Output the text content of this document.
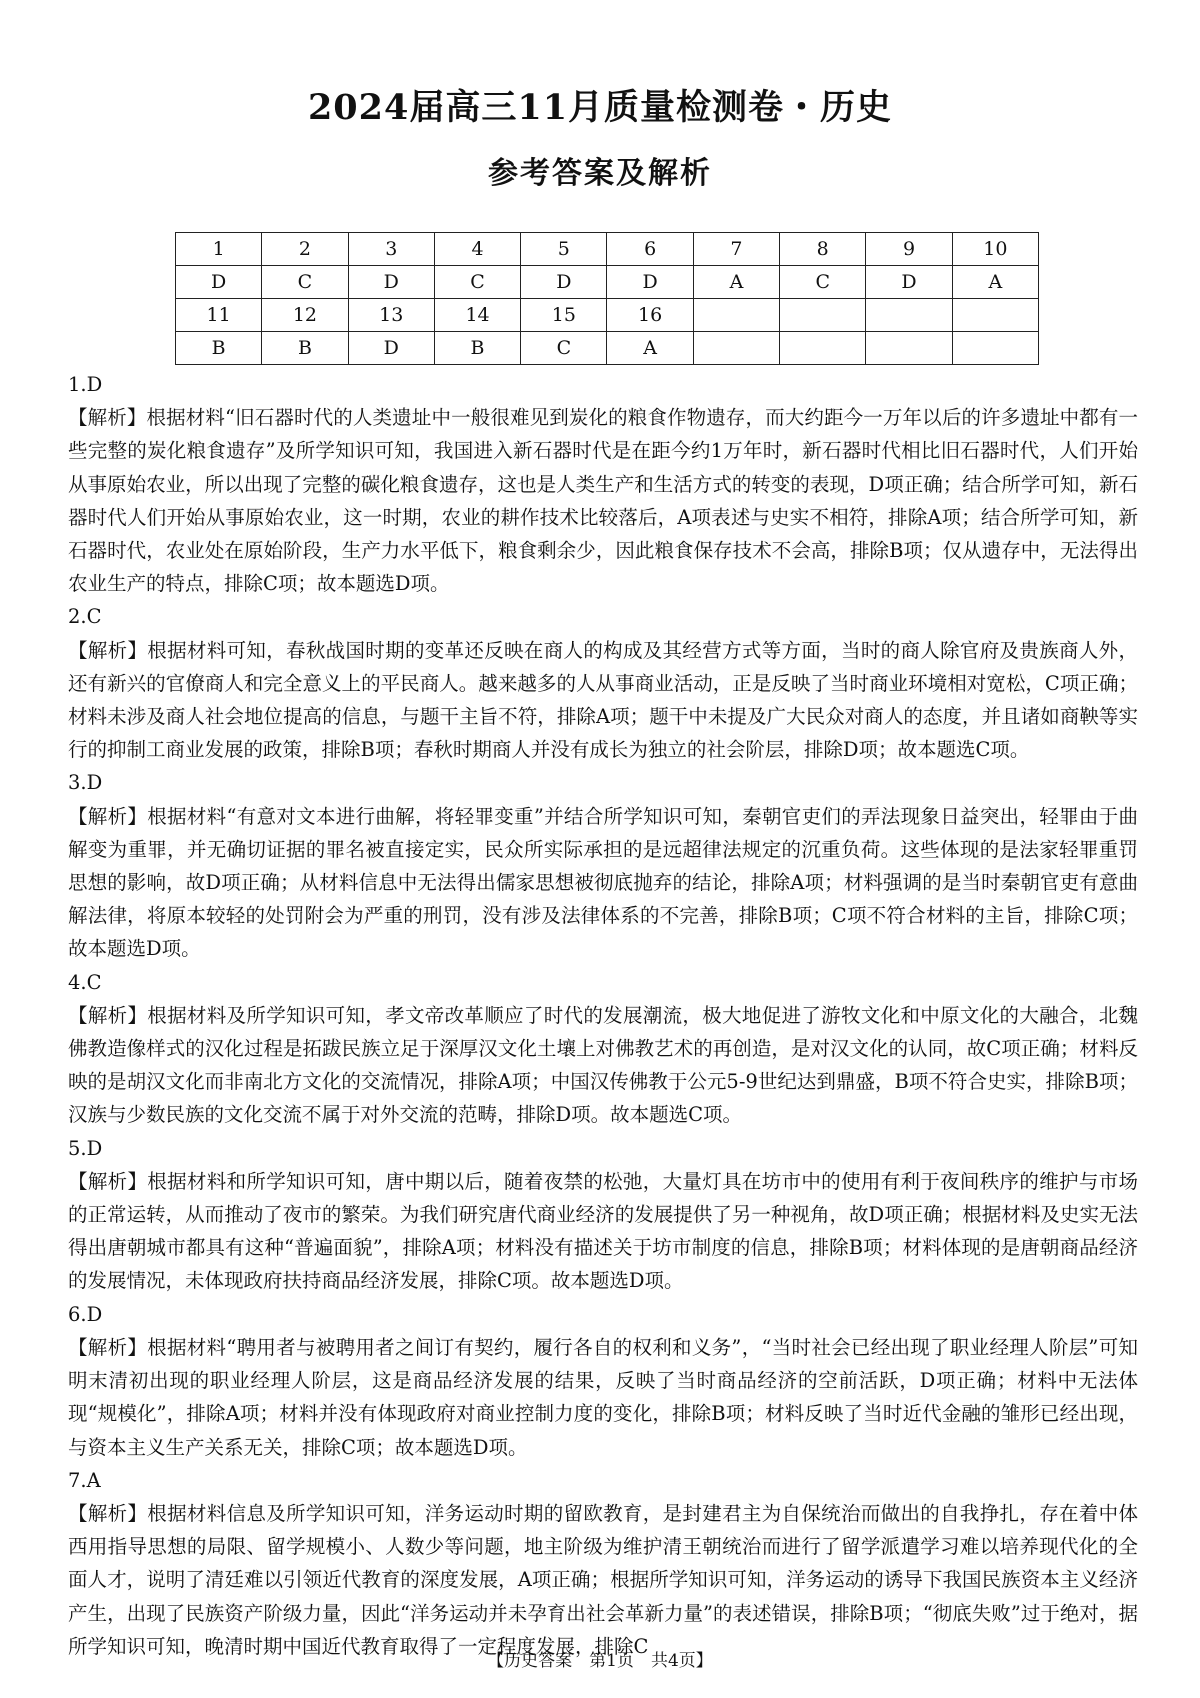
2024届高三11月质量检测卷・历史
参考答案及解析
1	2	3	4	5	6	7	8	9	10
D	C	D	C	D	D	A	C	D	A
11	12	13	14	15	16				
B	B	D	B	C	A				

1.D

【解析】根据材料“旧石器时代的人类遗址中一般很难见到炭化的粮食作物遗存，而大约距今一万年以后的许多遗址中都有一些完整的炭化粮食遗存”及所学知识可知，我国进入新石器时代是在距今约1万年时，新石器时代相比旧石器时代，人们开始从事原始农业，所以出现了完整的碳化粮食遗存，这也是人类生产和生活方式的转变的表现，D项正确；结合所学可知，新石器时代人们开始从事原始农业，这一时期，农业的耕作技术比较落后，A项表述与史实不相符，排除A项；结合所学可知，新石器时代，农业处在原始阶段，生产力水平低下，粮食剩余少，因此粮食保存技术不会高，排除B项；仅从遗存中，无法得出农业生产的特点，排除C项；故本题选D项。

2.C

【解析】根据材料可知，春秋战国时期的变革还反映在商人的构成及其经营方式等方面，当时的商人除官府及贵族商人外，还有新兴的官僚商人和完全意义上的平民商人。越来越多的人从事商业活动，正是反映了当时商业环境相对宽松，C项正确；材料未涉及商人社会地位提高的信息，与题干主旨不符，排除A项；题干中未提及广大民众对商人的态度，并且诸如商鞅等实行的抑制工商业发展的政策，排除B项；春秋时期商人并没有成长为独立的社会阶层，排除D项；故本题选C项。

3.D

【解析】根据材料“有意对文本进行曲解，将轻罪变重”并结合所学知识可知，秦朝官吏们的弄法现象日益突出，轻罪由于曲解变为重罪，并无确切证据的罪名被直接定实，民众所实际承担的是远超律法规定的沉重负荷。这些体现的是法家轻罪重罚思想的影响，故D项正确；从材料信息中无法得出儒家思想被彻底抛弃的结论，排除A项；材料强调的是当时秦朝官吏有意曲解法律，将原本较轻的处罚附会为严重的刑罚，没有涉及法律体系的不完善，排除B项；C项不符合材料的主旨，排除C项；故本题选D项。

4.C

【解析】根据材料及所学知识可知，孝文帝改革顺应了时代的发展潮流，极大地促进了游牧文化和中原文化的大融合，北魏佛教造像样式的汉化过程是拓跋民族立足于深厚汉文化土壤上对佛教艺术的再创造，是对汉文化的认同，故C项正确；材料反映的是胡汉文化而非南北方文化的交流情况，排除A项；中国汉传佛教于公元5-9世纪达到鼎盛，B项不符合史实，排除B项；汉族与少数民族的文化交流不属于对外交流的范畴，排除D项。故本题选C项。

5.D

【解析】根据材料和所学知识可知，唐中期以后，随着夜禁的松弛，大量灯具在坊市中的使用有利于夜间秩序的维护与市场的正常运转，从而推动了夜市的繁荣。为我们研究唐代商业经济的发展提供了另一种视角，故D项正确；根据材料及史实无法得出唐朝城市都具有这种“普遍面貌”，排除A项；材料没有描述关于坊市制度的信息，排除B项；材料体现的是唐朝商品经济的发展情况，未体现政府扶持商品经济发展，排除C项。故本题选D项。

6.D

【解析】根据材料“聘用者与被聘用者之间订有契约，履行各自的权利和义务”，“当时社会已经出现了职业经理人阶层”可知明末清初出现的职业经理人阶层，这是商品经济发展的结果，反映了当时商品经济的空前活跃，D项正确；材料中无法体现“规模化”，排除A项；材料并没有体现政府对商业控制力度的变化，排除B项；材料反映了当时近代金融的雏形已经出现，与资本主义生产关系无关，排除C项；故本题选D项。

7.A

【解析】根据材料信息及所学知识可知，洋务运动时期的留欧教育，是封建君主为自保统治而做出的自我挣扎，存在着中体西用指导思想的局限、留学规模小、人数少等问题，地主阶级为维护清王朝统治而进行了留学派遣学习难以培养现代化的全面人才，说明了清廷难以引领近代教育的深度发展，A项正确；根据所学知识可知，洋务运动的诱导下我国民族资本主义经济产生，出现了民族资产阶级力量，因此“洋务运动并未孕育出社会革新力量”的表述错误，排除B项；“彻底失败”过于绝对，据所学知识可知，晚清时期中国近代教育取得了一定程度发展，排除C

【历史答案　第1页　共4页】
